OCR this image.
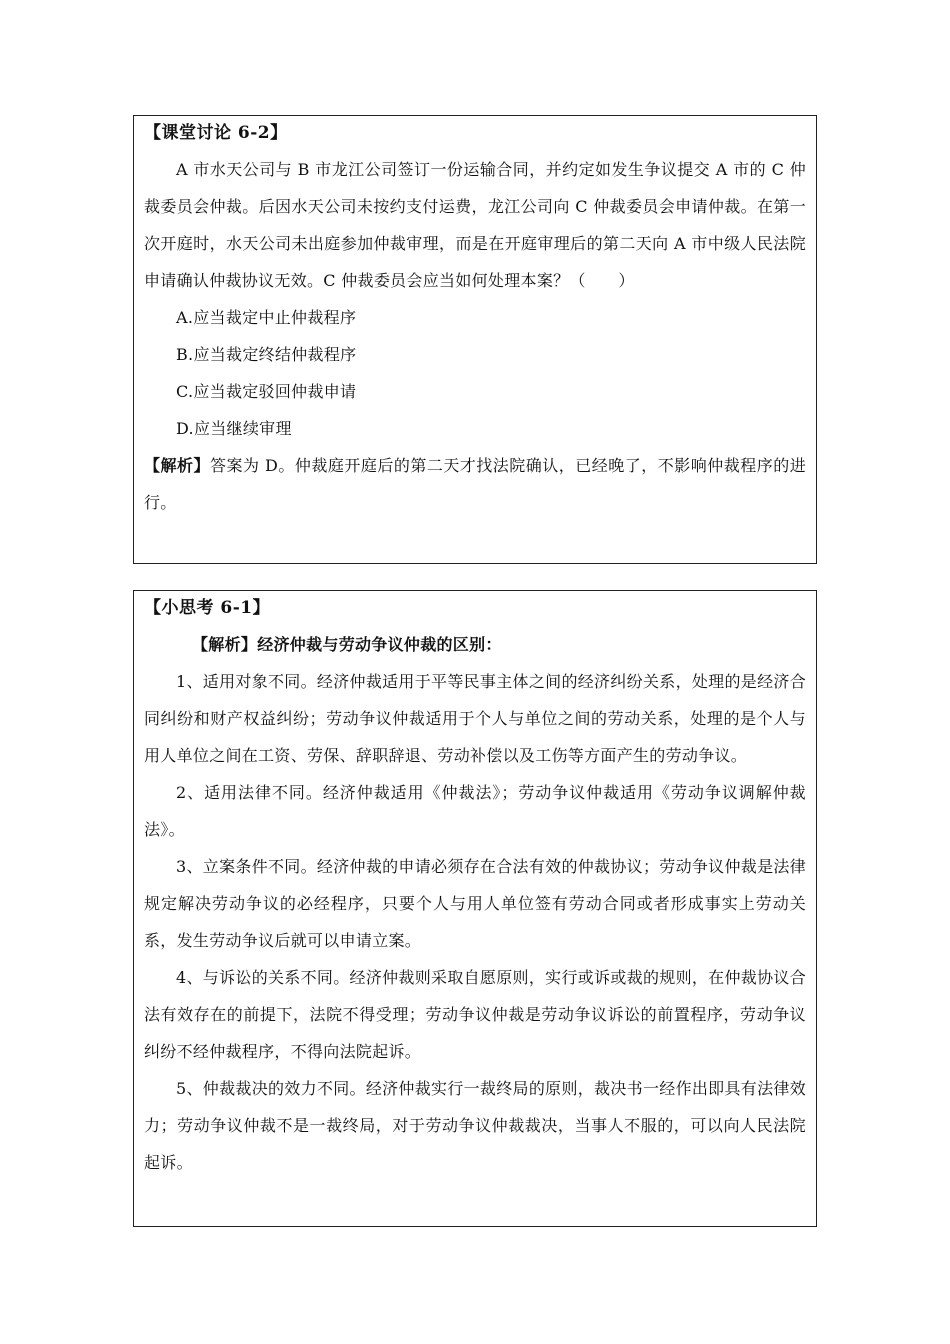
【课堂讨论 6-2】
A 市水天公司与 B 市龙江公司签订一份运输合同，并约定如发生争议提交 A 市的 C 仲裁委员会仲裁。后因水天公司未按约支付运费，龙江公司向 C 仲裁委员会申请仲裁。在第一次开庭时，水天公司未出庭参加仲裁审理，而是在开庭审理后的第二天向 A 市中级人民法院申请确认仲裁协议无效。C 仲裁委员会应当如何处理本案？（　　）
A.应当裁定中止仲裁程序
B.应当裁定终结仲裁程序
C.应当裁定驳回仲裁申请
D.应当继续审理
【解析】答案为 D。仲裁庭开庭后的第二天才找法院确认，已经晚了，不影响仲裁程序的进行。
【小思考 6-1】
【解析】经济仲裁与劳动争议仲裁的区别：
1、适用对象不同。经济仲裁适用于平等民事主体之间的经济纠纷关系，处理的是经济合同纠纷和财产权益纠纷；劳动争议仲裁适用于个人与单位之间的劳动关系，处理的是个人与用人单位之间在工资、劳保、辞职辞退、劳动补偿以及工伤等方面产生的劳动争议。
2、适用法律不同。经济仲裁适用《仲裁法》；劳动争议仲裁适用《劳动争议调解仲裁法》。
3、立案条件不同。经济仲裁的申请必须存在合法有效的仲裁协议；劳动争议仲裁是法律规定解决劳动争议的必经程序，只要个人与用人单位签有劳动合同或者形成事实上劳动关系，发生劳动争议后就可以申请立案。
4、与诉讼的关系不同。经济仲裁则采取自愿原则，实行或诉或裁的规则，在仲裁协议合法有效存在的前提下，法院不得受理；劳动争议仲裁是劳动争议诉讼的前置程序，劳动争议纠纷不经仲裁程序，不得向法院起诉。
5、仲裁裁决的效力不同。经济仲裁实行一裁终局的原则，裁决书一经作出即具有法律效力；劳动争议仲裁不是一裁终局，对于劳动争议仲裁裁决，当事人不服的，可以向人民法院起诉。
